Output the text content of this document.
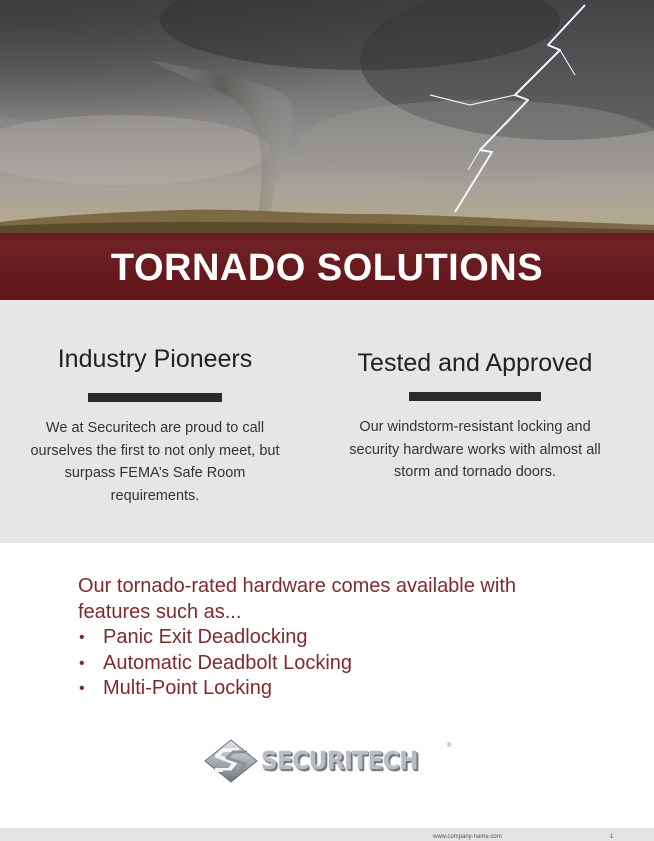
TORNADO SOLUTIONS
Industry Pioneers

We at Securitech are proud to call
ourselves the first to not only meet, but
surpass FEMA’s Safe Room requirements.

Tested and Approved

Our windstorm-resistant locking and
security hardware works with almost all
storm and tornado doors.

Our tornado-rated hardware comes available with
features such as...

• Panic Exit Deadlocking
• Automatic Deadbolt Locking
• Multi-Point Locking
SECURITECH	®
www.company-name.com	1
